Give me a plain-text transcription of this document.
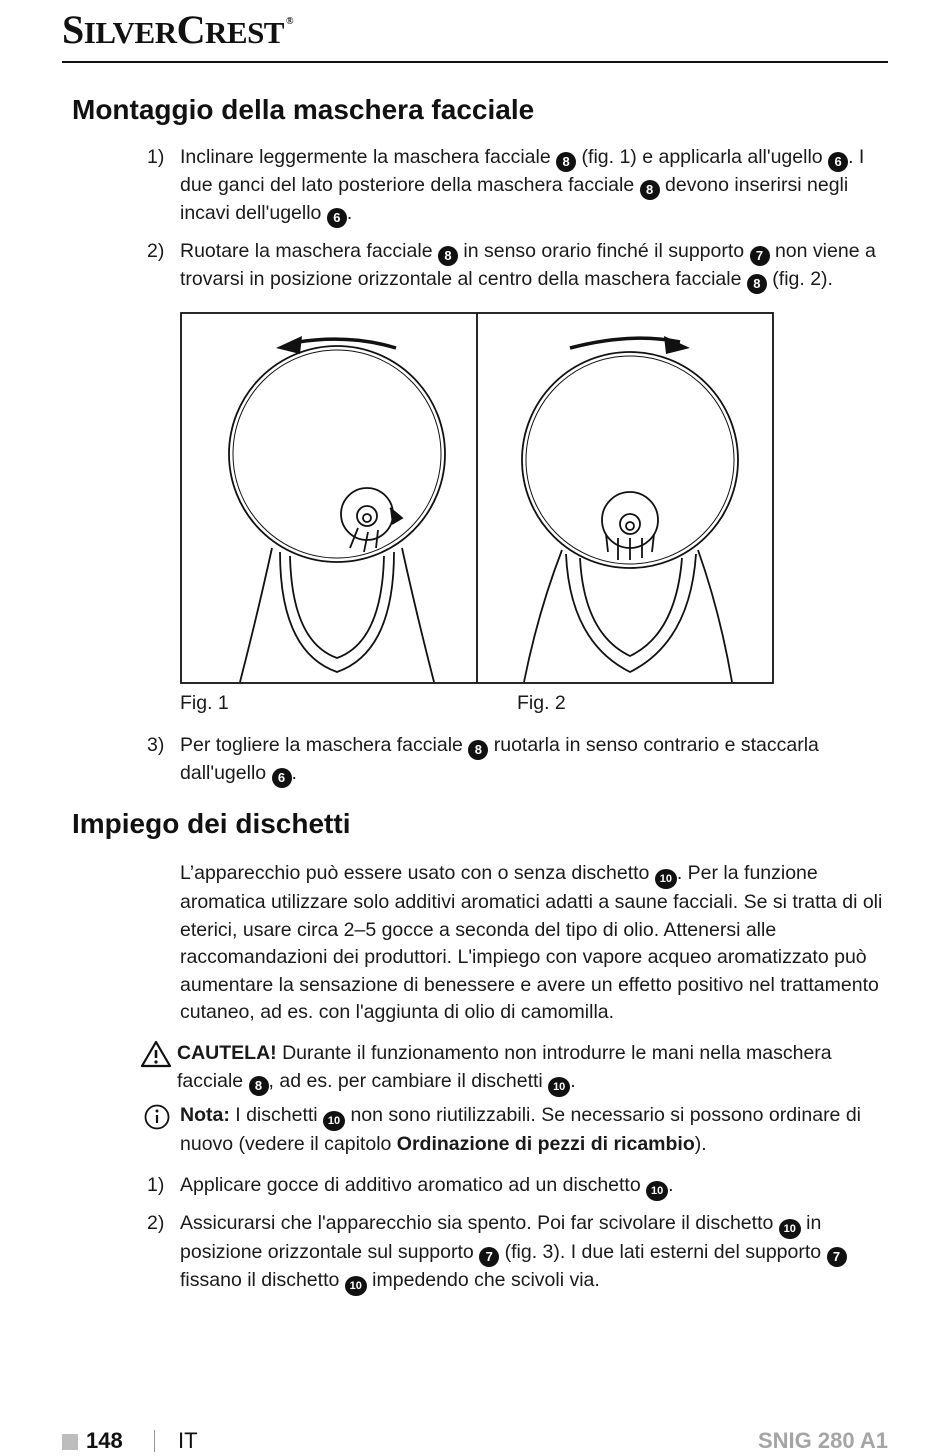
SILVERCREST ®
Montaggio della maschera facciale
1) Inclinare leggermente la maschera facciale 8 (fig. 1) e applicarla all'ugello 6 . I due ganci del lato posteriore della maschera facciale 8 devono inserirsi negli incavi dell'ugello 6 .
2) Ruotare la maschera facciale 8 in senso orario finché il supporto 7 non viene a trovarsi in posizione orizzontale al centro della maschera facciale 8 (fig. 2).
Fig. 1	Fig. 2
3) Per togliere la maschera facciale 8 ruotarla in senso contrario e staccarla dall'ugello 6 .
Impiego dei dischetti
L’apparecchio può essere usato con o senza dischetto 10 . Per la funzione aromatica utilizzare solo additivi aromatici adatti a saune facciali. Se si tratta di oli eterici, usare circa 2–5 gocce a seconda del tipo di olio. Attenersi alle raccomandazioni dei produttori. L'impiego con vapore acqueo aromatizzato può aumentare la sensazione di benessere e avere un effetto positivo nel trattamento cutaneo, ad es. con l'aggiunta di olio di camomilla.
CAUTELA! Durante il funzionamento non introdurre le mani nella maschera facciale 8 , ad es. per cambiare il dischetti 10 .
Nota: I dischetti 10 non sono riutilizzabili. Se necessario si possono ordinare di nuovo (vedere il capitolo Ordinazione di pezzi di ricambio).
1) Applicare gocce di additivo aromatico ad un dischetto 10 .
2) Assicurarsi che l'apparecchio sia spento. Poi far scivolare il dischetto 10 in posizione orizzontale sul supporto 7 (fig. 3). I due lati esterni del supporto 7 fissano il dischetto 10 impedendo che scivoli via.
148	IT	SNIG 280 A1
